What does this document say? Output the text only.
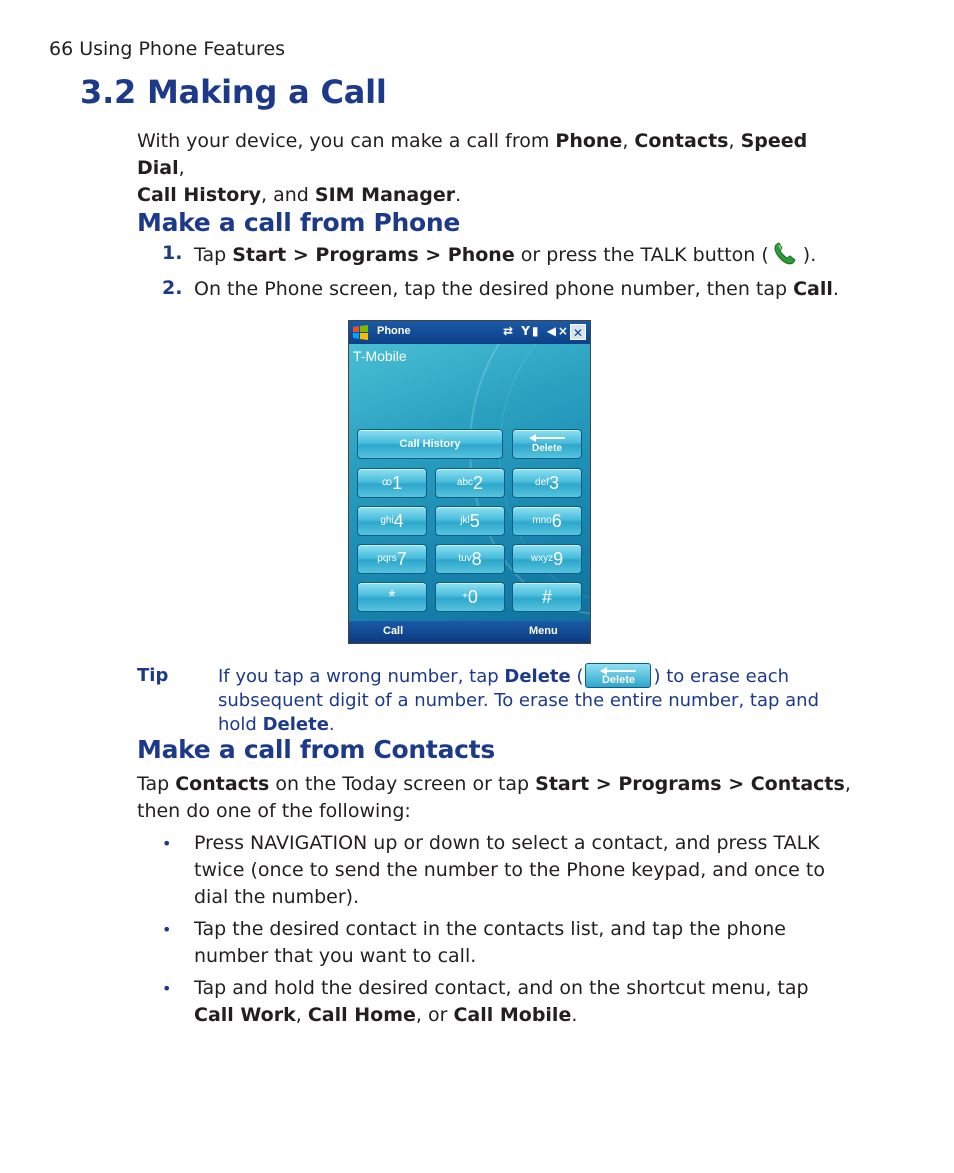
66 Using Phone Features
3.2 Making a Call
With your device, you can make a call from Phone, Contacts, Speed Dial,
Call History, and SIM Manager.
Make a call from Phone
1. Tap Start > Programs > Phone or press the TALK button ( ).
2. On the Phone screen, tap the desired phone number, then tap Call.
Phone	⇄ Y▮ ◀× ✕
T-Mobile
Call History	Delete
$^ꝏ$1	$^{abc}$2	$^{def}$3
$^{ghi}$4	$^{jkl}$5	$^{mno}$6
$^{pqrs}$7	$^{tuv}$8	$^{wxyz}$9
*	+0	#
Call	Menu
Tip	If you tap a wrong number, tap Delete (	Delete	) to erase each subsequent digit of a number. To erase the entire number, tap and hold Delete.
Make a call from Contacts
Tap Contacts on the Today screen or tap Start > Programs > Contacts, then do one of the following:
• Press NAVIGATION up or down to select a contact, and press TALK twice (once to send the number to the Phone keypad, and once to dial the number).
• Tap the desired contact in the contacts list, and tap the phone number that you want to call.
• Tap and hold the desired contact, and on the shortcut menu, tap Call Work, Call Home, or Call Mobile.
